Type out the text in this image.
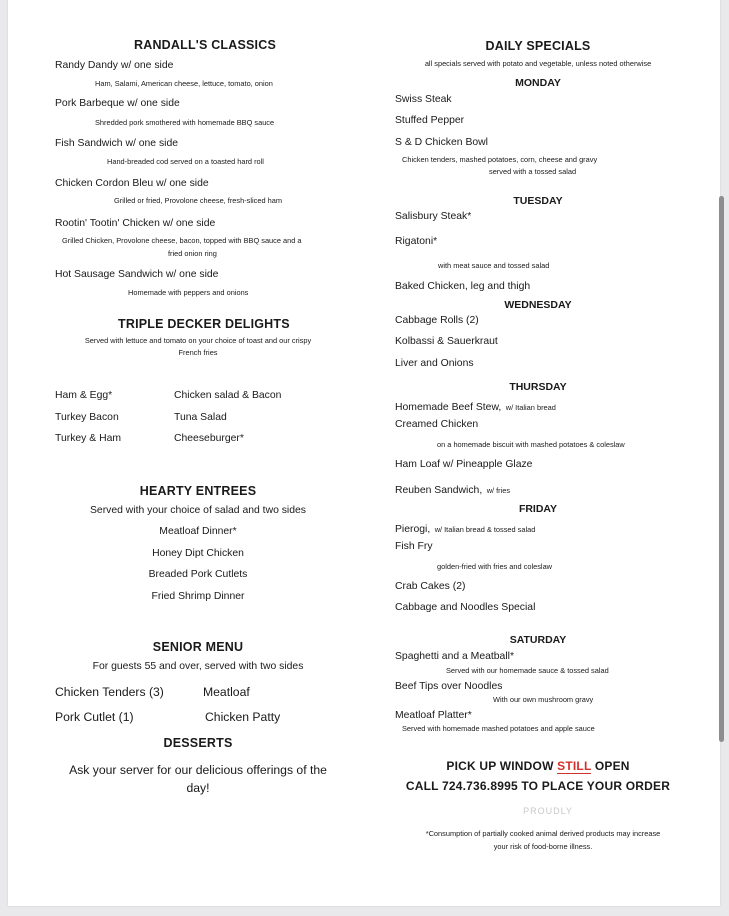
RANDALL'S CLASSICS
Randy Dandy w/ one side
Ham, Salami, American cheese, lettuce, tomato, onion
Pork Barbeque w/ one side
Shredded pork smothered with homemade BBQ sauce
Fish Sandwich w/ one side
Hand-breaded cod served on a toasted hard roll
Chicken Cordon Bleu w/ one side
Grilled or fried, Provolone cheese, fresh-sliced ham
Rootin' Tootin' Chicken w/ one side
Grilled Chicken, Provolone cheese, bacon, topped with BBQ sauce and a
fried onion ring
Hot Sausage Sandwich w/ one side
Homemade with peppers and onions
TRIPLE DECKER DELIGHTS
Served with lettuce and tomato on your choice of toast and our crispy
French fries
Ham & Egg*
Turkey Bacon
Turkey & Ham
Chicken salad & Bacon
Tuna Salad
Cheeseburger*
HEARTY ENTREES
Served with your choice of salad and two sides
Meatloaf Dinner*
Honey Dipt Chicken
Breaded Pork Cutlets
Fried Shrimp Dinner
SENIOR MENU
For guests 55 and over, served with two sides
Chicken Tenders (3)
Pork Cutlet (1)
Meatloaf
Chicken Patty
DESSERTS
Ask your server for our delicious offerings of the
day!
DAILY SPECIALS
all specials served with potato and vegetable, unless noted otherwise
MONDAY
Swiss Steak
Stuffed Pepper
S & D Chicken Bowl
Chicken tenders, mashed potatoes, corn, cheese and gravy
served with a tossed salad
TUESDAY
Salisbury Steak*
Rigatoni*
with meat sauce and tossed salad
Baked Chicken, leg and thigh
WEDNESDAY
Cabbage Rolls (2)
Kolbassi & Sauerkraut
Liver and Onions
THURSDAY
Homemade Beef Stew, w/ Italian bread
Creamed Chicken
on a homemade biscuit with mashed potatoes & coleslaw
Ham Loaf w/ Pineapple Glaze
Reuben Sandwich, w/ fries
FRIDAY
Pierogi, w/ Italian bread & tossed salad
Fish Fry
golden-fried with fries and coleslaw
Crab Cakes (2)
Cabbage and Noodles Special
SATURDAY
Spaghetti and a Meatball*
Served with our homemade sauce & tossed salad
Beef Tips over Noodles
With our own mushroom gravy
Meatloaf Platter*
Served with homemade mashed potatoes and apple sauce
PICK UP WINDOW STILL OPEN
CALL 724.736.8995 TO PLACE YOUR ORDER
PROUDLY
*Consumption of partially cooked animal derived products may increase
your risk of food-borne illness.
